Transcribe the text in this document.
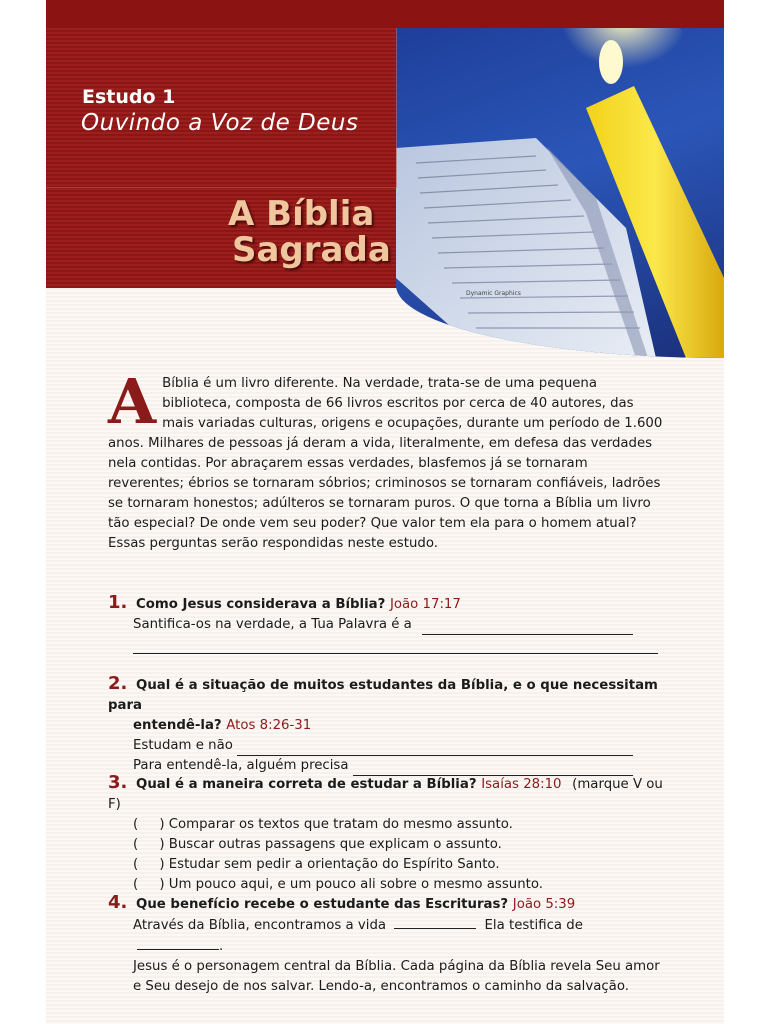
Estudo 1
Ouvindo a Voz de Deus
A Bíblia
Sagrada
Dynamic Graphics
A Bíblia é um livro diferente. Na verdade, trata-se de uma pequena biblioteca, composta de 66 livros escritos por cerca de 40 autores, das mais variadas culturas, origens e ocupações, durante um período de 1.600 anos. Milhares de pessoas já deram a vida, literalmente, em defesa das verdades nela contidas. Por abraçarem essas verdades, blasfemos já se tornaram reverentes; ébrios se tornaram sóbrios; criminosos se tornaram confiáveis, ladrões se tornaram honestos; adúlteros se tornaram puros. O que torna a Bíblia um livro tão especial? De onde vem seu poder? Que valor tem ela para o homem atual? Essas perguntas serão respondidas neste estudo.
1. Como Jesus considerava a Bíblia? João 17:17
Santifica-os na verdade, a Tua Palavra é a
2. Qual é a situação de muitos estudantes da Bíblia, e o que necessitam para
entendê-la? Atos 8:26-31
Estudam e não
Para entendê-la, alguém precisa
3. Qual é a maneira correta de estudar a Bíblia? Isaías 28:10 (marque V ou F)
(     ) Comparar os textos que tratam do mesmo assunto.
(     ) Buscar outras passagens que explicam o assunto.
(     ) Estudar sem pedir a orientação do Espírito Santo.
(     ) Um pouco aqui, e um pouco ali sobre o mesmo assunto.
4. Que benefício recebe o estudante das Escrituras? João 5:39
Através da Bíblia, encontramos a vida	Ela testifica de .
Jesus é o personagem central da Bíblia. Cada página da Bíblia revela Seu amor
e Seu desejo de nos salvar. Lendo-a, encontramos o caminho da salvação.
